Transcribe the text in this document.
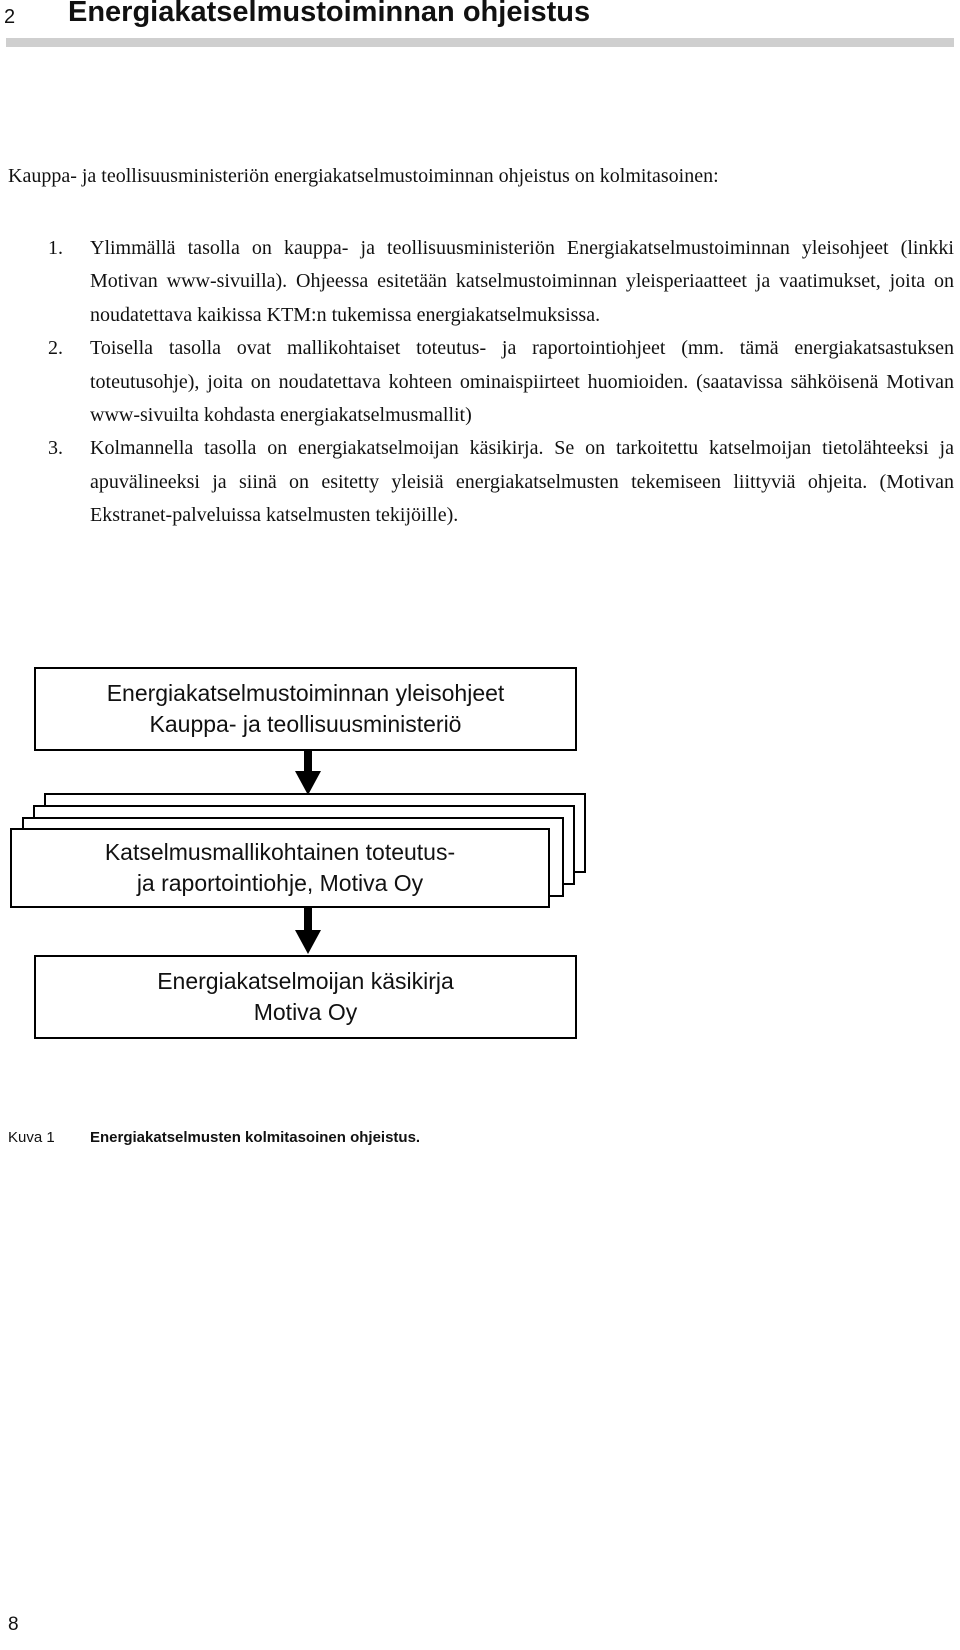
2 Energiakatselmustoiminnan ohjeistus
Kauppa- ja teollisuusministeriön energiakatselmustoiminnan ohjeistus on kolmitasoinen:
1. Ylimmällä tasolla on kauppa- ja teollisuusministeriön Energiakatselmustoiminnan yleisohjeet (linkki Motivan www-sivuilla). Ohjeessa esitetään katselmustoiminnan yleisperiaatteet ja vaatimukset, joita on noudatettava kaikissa KTM:n tukemissa energiakatselmuksissa.
2. Toisella tasolla ovat mallikohtaiset toteutus- ja raportointiohjeet (mm. tämä energiakatsastuksen toteutusohje), joita on noudatettava kohteen ominaispiirteet huomioiden. (saatavissa sähköisenä Motivan www-sivuilta kohdasta energiakatselmusmallit)
3. Kolmannella tasolla on energiakatselmoijan käsikirja. Se on tarkoitettu katselmoijan tietolähteeksi ja apuvälineeksi ja siinä on esitetty yleisiä energiakatselmusten tekemiseen liittyviä ohjeita. (Motivan Ekstranet-palveluissa katselmusten tekijöille).
Energiakatselmustoiminnan yleisohjeet
Kauppa- ja teollisuusministeriö
Katselmusmallikohtainen toteutus-
ja raportointiohje, Motiva Oy
Energiakatselmoijan käsikirja
Motiva Oy
Kuva 1 Energiakatselmusten kolmitasoinen ohjeistus.
8
